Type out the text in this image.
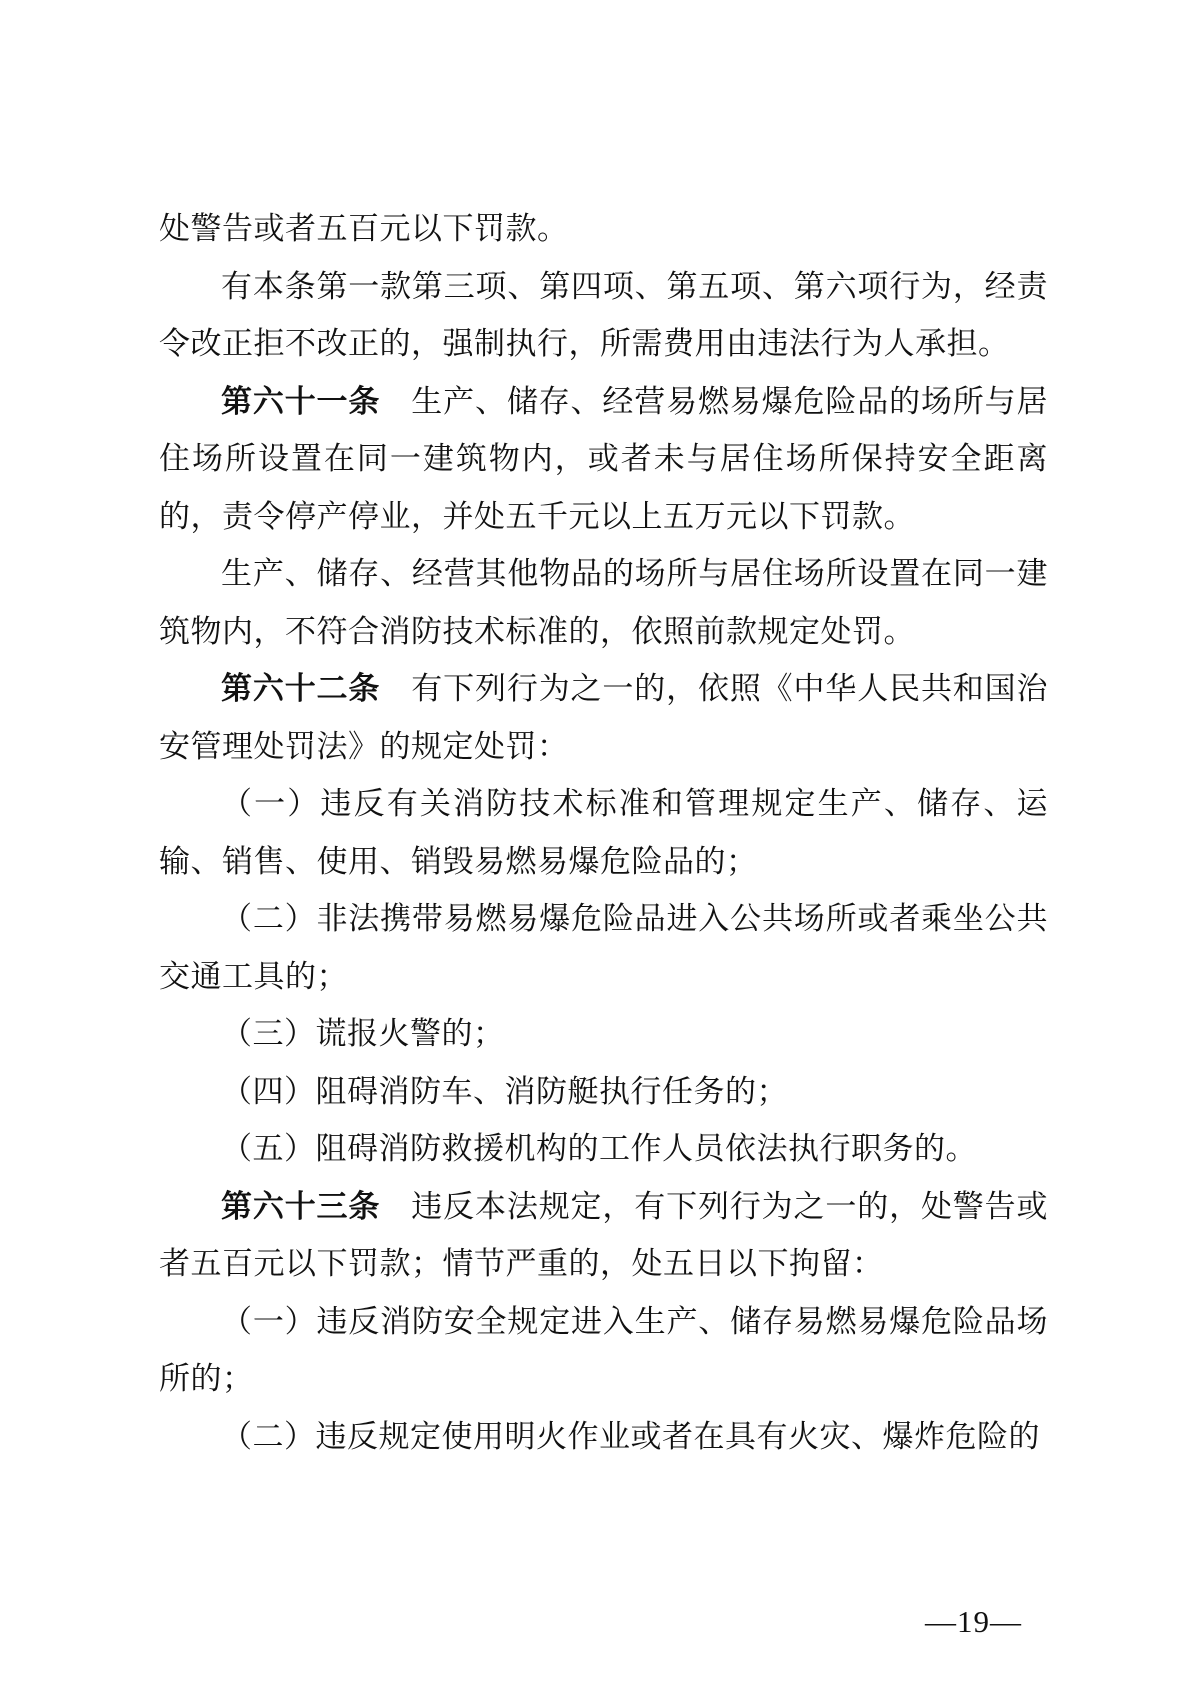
处警告或者五百元以下罚款。

有本条第一款第三项、第四项、第五项、第六项行为，经责令改正拒不改正的，强制执行，所需费用由违法行为人承担。

第六十一条 生产、储存、经营易燃易爆危险品的场所与居住场所设置在同一建筑物内，或者未与居住场所保持安全距离的，责令停产停业，并处五千元以上五万元以下罚款。

生产、储存、经营其他物品的场所与居住场所设置在同一建筑物内，不符合消防技术标准的，依照前款规定处罚。

第六十二条 有下列行为之一的，依照《中华人民共和国治安管理处罚法》的规定处罚：

（一）违反有关消防技术标准和管理规定生产、储存、运输、销售、使用、销毁易燃易爆危险品的；

（二）非法携带易燃易爆危险品进入公共场所或者乘坐公共交通工具的；

（三）谎报火警的；

（四）阻碍消防车、消防艇执行任务的；

（五）阻碍消防救援机构的工作人员依法执行职务的。

第六十三条 违反本法规定，有下列行为之一的，处警告或者五百元以下罚款；情节严重的，处五日以下拘留：

（一）违反消防安全规定进入生产、储存易燃易爆危险品场所的；

（二）违反规定使用明火作业或者在具有火灾、爆炸危险的

—19—
